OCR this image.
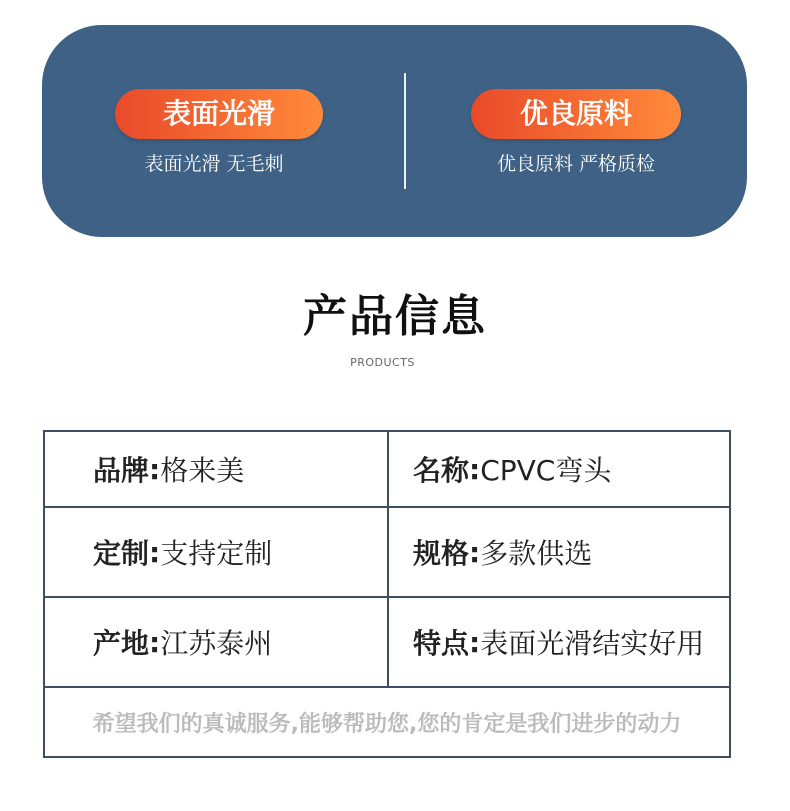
表面光滑
表面光滑 无毛刺
优良原料
优良原料 严格质检
产品信息
PRODUCTS
品牌 : 格来美	名称 : CPVC弯头
定制 : 支持定制	规格 : 多款供选
产地 : 江苏泰州	特点 : 表面光滑结实好用
希望我们的真诚服务,能够帮助您,您的肯定是我们进步的动力
